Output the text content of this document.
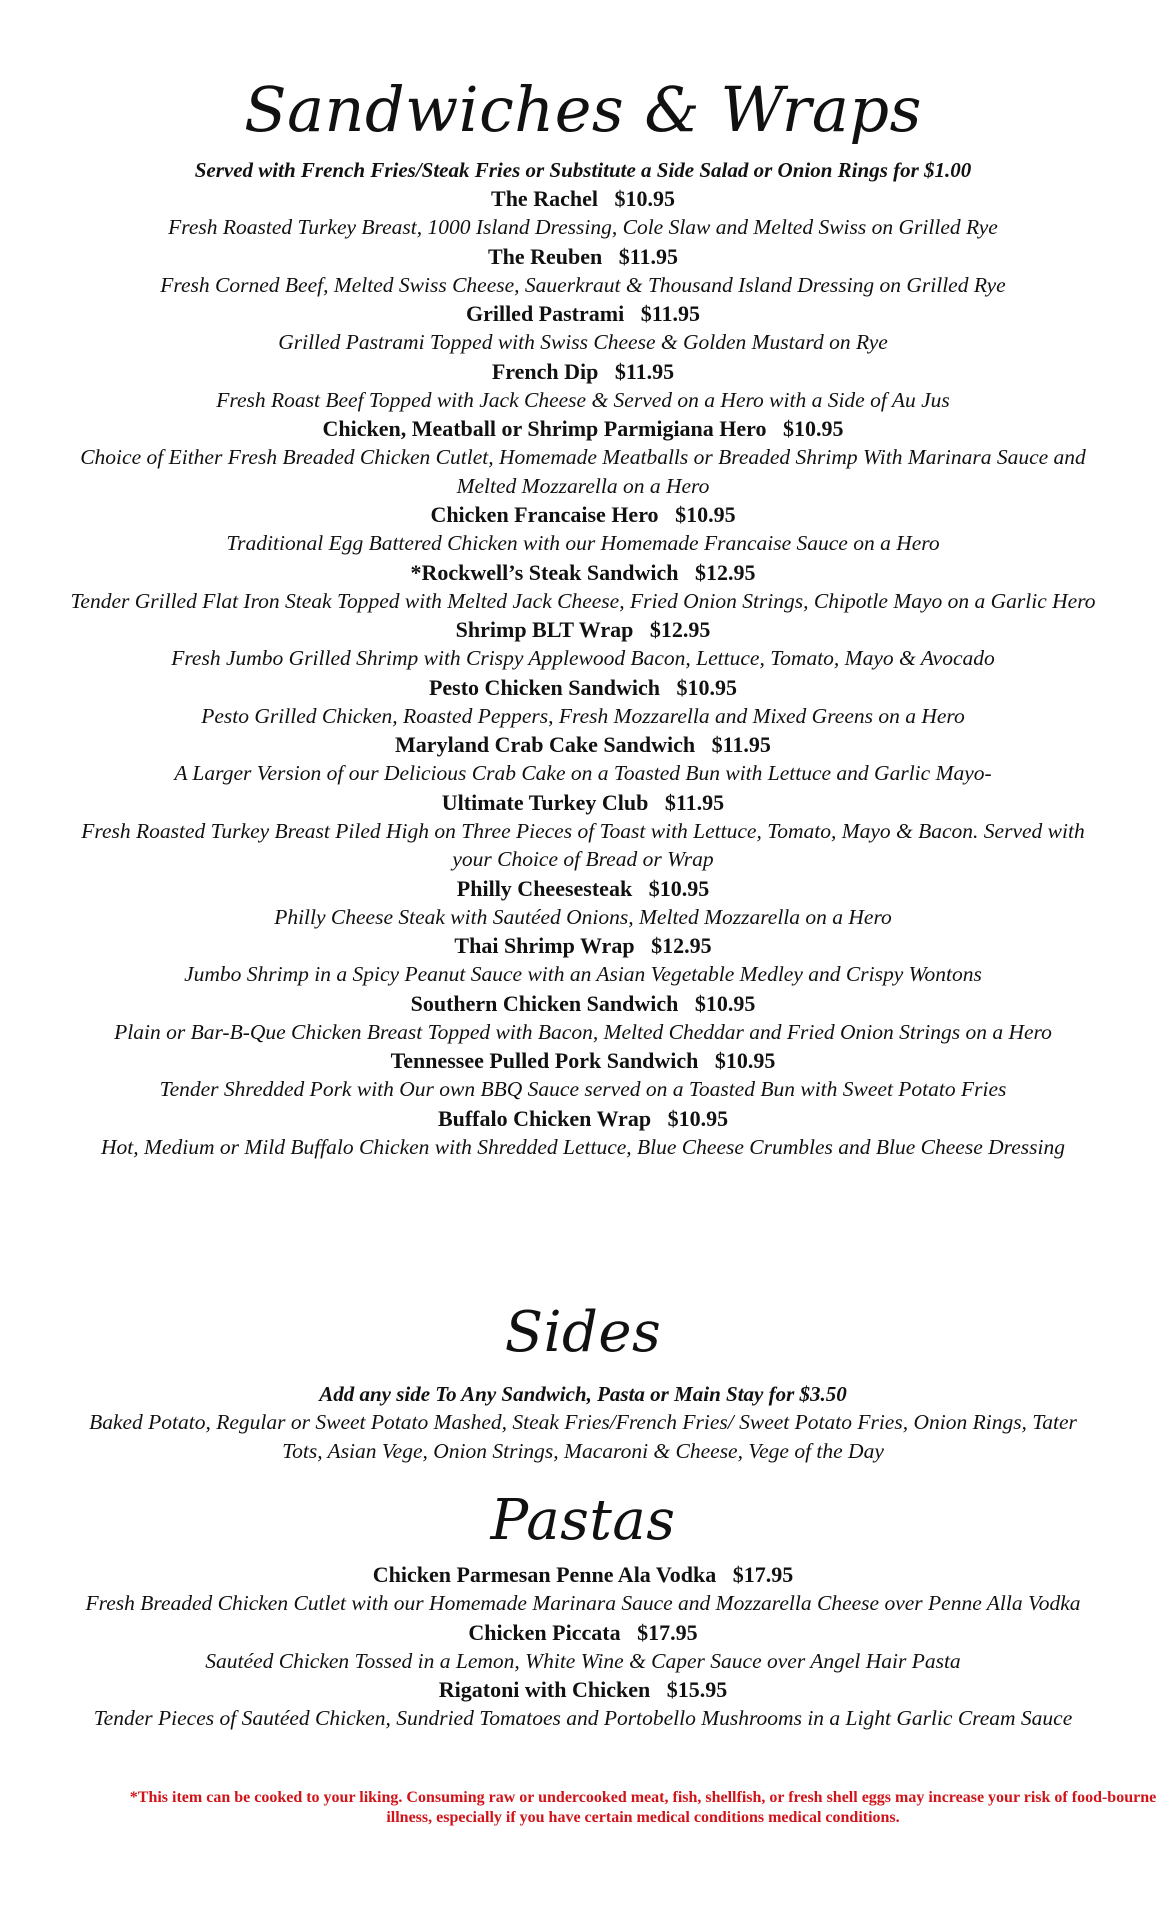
Sandwiches & Wraps
Served with French Fries/Steak Fries or Substitute a Side Salad or Onion Rings for $1.00
The Rachel $10.95
Fresh Roasted Turkey Breast, 1000 Island Dressing, Cole Slaw and Melted Swiss on Grilled Rye
The Reuben $11.95
Fresh Corned Beef, Melted Swiss Cheese, Sauerkraut & Thousand Island Dressing on Grilled Rye
Grilled Pastrami $11.95
Grilled Pastrami Topped with Swiss Cheese & Golden Mustard on Rye
French Dip $11.95
Fresh Roast Beef Topped with Jack Cheese & Served on a Hero with a Side of Au Jus
Chicken, Meatball or Shrimp Parmigiana Hero $10.95
Choice of Either Fresh Breaded Chicken Cutlet, Homemade Meatballs or Breaded Shrimp With Marinara Sauce and Melted Mozzarella on a Hero
Chicken Francaise Hero $10.95
Traditional Egg Battered Chicken with our Homemade Francaise Sauce on a Hero
*Rockwell’s Steak Sandwich $12.95
Tender Grilled Flat Iron Steak Topped with Melted Jack Cheese, Fried Onion Strings, Chipotle Mayo on a Garlic Hero
Shrimp BLT Wrap $12.95
Fresh Jumbo Grilled Shrimp with Crispy Applewood Bacon, Lettuce, Tomato, Mayo & Avocado
Pesto Chicken Sandwich $10.95
Pesto Grilled Chicken, Roasted Peppers, Fresh Mozzarella and Mixed Greens on a Hero
Maryland Crab Cake Sandwich $11.95
A Larger Version of our Delicious Crab Cake on a Toasted Bun with Lettuce and Garlic Mayo-
Ultimate Turkey Club $11.95
Fresh Roasted Turkey Breast Piled High on Three Pieces of Toast with Lettuce, Tomato, Mayo & Bacon. Served with your Choice of Bread or Wrap
Philly Cheesesteak $10.95
Philly Cheese Steak with Sautéed Onions, Melted Mozzarella on a Hero
Thai Shrimp Wrap $12.95
Jumbo Shrimp in a Spicy Peanut Sauce with an Asian Vegetable Medley and Crispy Wontons
Southern Chicken Sandwich $10.95
Plain or Bar-B-Que Chicken Breast Topped with Bacon, Melted Cheddar and Fried Onion Strings on a Hero
Tennessee Pulled Pork Sandwich $10.95
Tender Shredded Pork with Our own BBQ Sauce served on a Toasted Bun with Sweet Potato Fries
Buffalo Chicken Wrap $10.95
Hot, Medium or Mild Buffalo Chicken with Shredded Lettuce, Blue Cheese Crumbles and Blue Cheese Dressing
Sides
Add any side To Any Sandwich, Pasta or Main Stay for $3.50
Baked Potato, Regular or Sweet Potato Mashed, Steak Fries/French Fries/ Sweet Potato Fries, Onion Rings, Tater Tots, Asian Vege, Onion Strings, Macaroni & Cheese, Vege of the Day
Pastas
Chicken Parmesan Penne Ala Vodka $17.95
Fresh Breaded Chicken Cutlet with our Homemade Marinara Sauce and Mozzarella Cheese over Penne Alla Vodka
Chicken Piccata $17.95
Sautéed Chicken Tossed in a Lemon, White Wine & Caper Sauce over Angel Hair Pasta
Rigatoni with Chicken $15.95
Tender Pieces of Sautéed Chicken, Sundried Tomatoes and Portobello Mushrooms in a Light Garlic Cream Sauce
*This item can be cooked to your liking. Consuming raw or undercooked meat, fish, shellfish, or fresh shell eggs may increase your risk of food-bourne illness, especially if you have certain medical conditions medical conditions.
